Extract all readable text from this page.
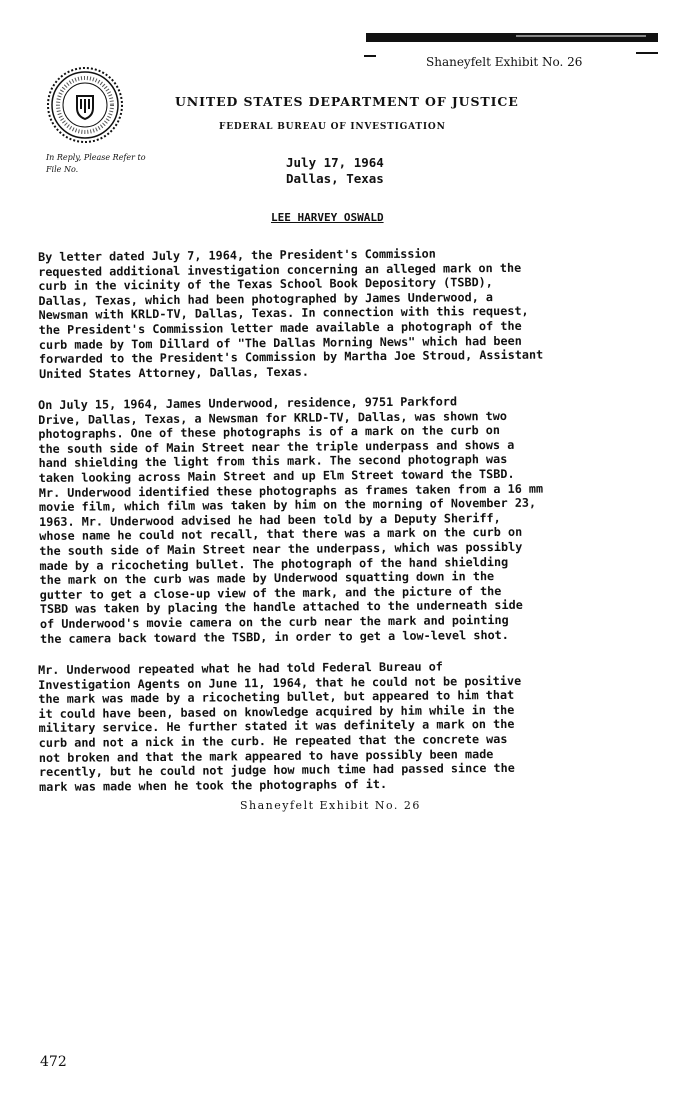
Shaneyfelt Exhibit No. 26
UNITED STATES DEPARTMENT OF JUSTICE
FEDERAL BUREAU OF INVESTIGATION
In Reply, Please Refer to
File No.	July 17, 1964
Dallas, Texas
LEE HARVEY OSWALD

By letter dated July 7, 1964, the President's Commission
requested additional investigation concerning an alleged mark on the
curb in the vicinity of the Texas School Book Depository (TSBD),
Dallas, Texas, which had been photographed by James Underwood, a
Newsman with KRLD-TV, Dallas, Texas. In connection with this request,
the President's Commission letter made available a photograph of the
curb made by Tom Dillard of "The Dallas Morning News" which had been
forwarded to the President's Commission by Martha Joe Stroud, Assistant
United States Attorney, Dallas, Texas.

On July 15, 1964, James Underwood, residence, 9751 Parkford
Drive, Dallas, Texas, a Newsman for KRLD-TV, Dallas, was shown two
photographs. One of these photographs is of a mark on the curb on
the south side of Main Street near the triple underpass and shows a
hand shielding the light from this mark. The second photograph was
taken looking across Main Street and up Elm Street toward the TSBD.
Mr. Underwood identified these photographs as frames taken from a 16 mm
movie film, which film was taken by him on the morning of November 23,
1963. Mr. Underwood advised he had been told by a Deputy Sheriff,
whose name he could not recall, that there was a mark on the curb on
the south side of Main Street near the underpass, which was possibly
made by a ricocheting bullet. The photograph of the hand shielding
the mark on the curb was made by Underwood squatting down in the
gutter to get a close-up view of the mark, and the picture of the
TSBD was taken by placing the handle attached to the underneath side
of Underwood's movie camera on the curb near the mark and pointing
the camera back toward the TSBD, in order to get a low-level shot.

Mr. Underwood repeated what he had told Federal Bureau of
Investigation Agents on June 11, 1964, that he could not be positive
the mark was made by a ricocheting bullet, but appeared to him that
it could have been, based on knowledge acquired by him while in the
military service. He further stated it was definitely a mark on the
curb and not a nick in the curb. He repeated that the concrete was
not broken and that the mark appeared to have possibly been made
recently, but he could not judge how much time had passed since the
mark was made when he took the photographs of it.

Shaneyfelt Exhibit No. 26
472
